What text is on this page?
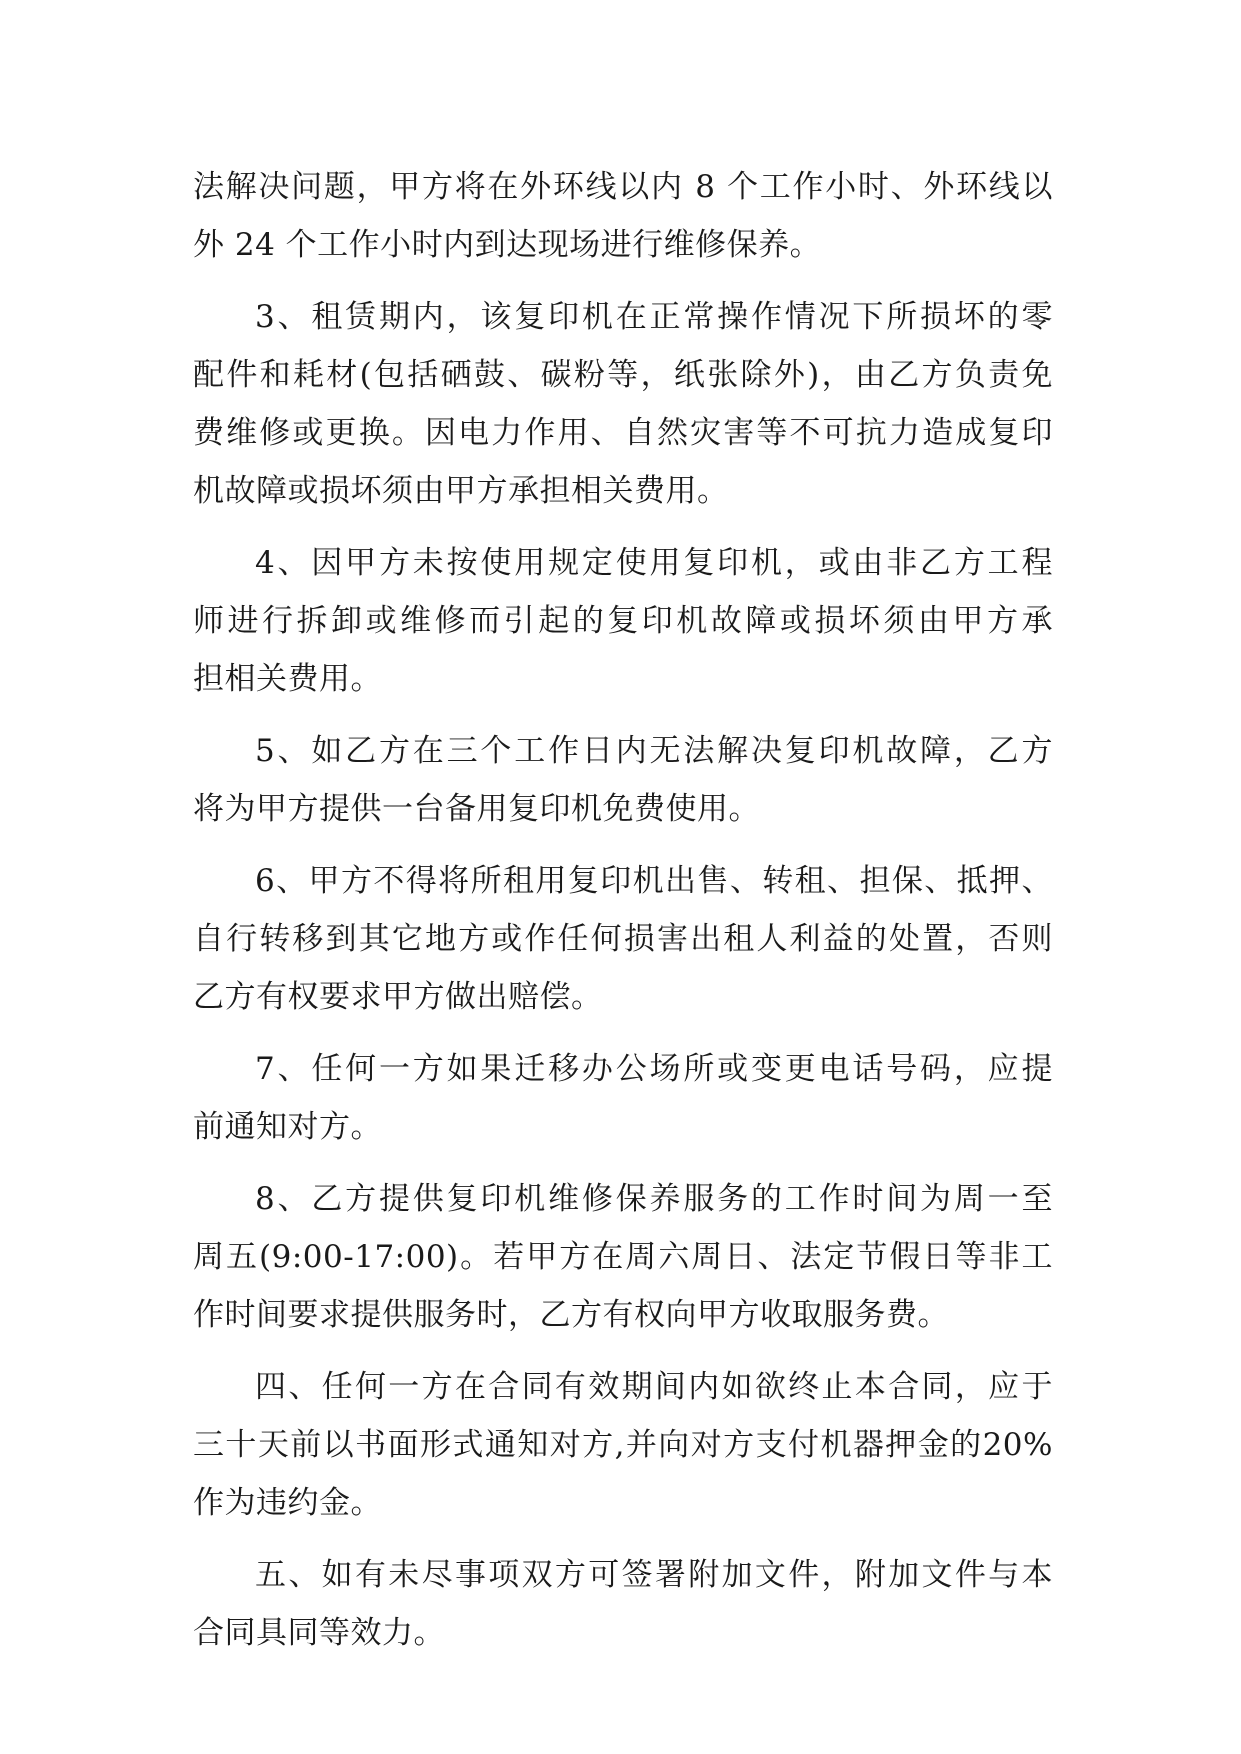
法解决问题，甲方将在外环线以内 8 个工作小时、外环线以
外 24 个工作小时内到达现场进行维修保养。
3、租赁期内，该复印机在正常操作情况下所损坏的零
配件和耗材(包括硒鼓、碳粉等，纸张除外)，由乙方负责免
费维修或更换。因电力作用、自然灾害等不可抗力造成复印
机故障或损坏须由甲方承担相关费用。
4、因甲方未按使用规定使用复印机，或由非乙方工程
师进行拆卸或维修而引起的复印机故障或损坏须由甲方承
担相关费用。
5、如乙方在三个工作日内无法解决复印机故障，乙方
将为甲方提供一台备用复印机免费使用。
6、甲方不得将所租用复印机出售、转租、担保、抵押、
自行转移到其它地方或作任何损害出租人利益的处置，否则
乙方有权要求甲方做出赔偿。
7、任何一方如果迁移办公场所或变更电话号码，应提
前通知对方。
8、乙方提供复印机维修保养服务的工作时间为周一至
周五(9:00-17:00)。若甲方在周六周日、法定节假日等非工
作时间要求提供服务时，乙方有权向甲方收取服务费。
四、任何一方在合同有效期间内如欲终止本合同，应于
三十天前以书面形式通知对方,并向对方支付机器押金的20%
作为违约金。
五、如有未尽事项双方可签署附加文件，附加文件与本
合同具同等效力。
